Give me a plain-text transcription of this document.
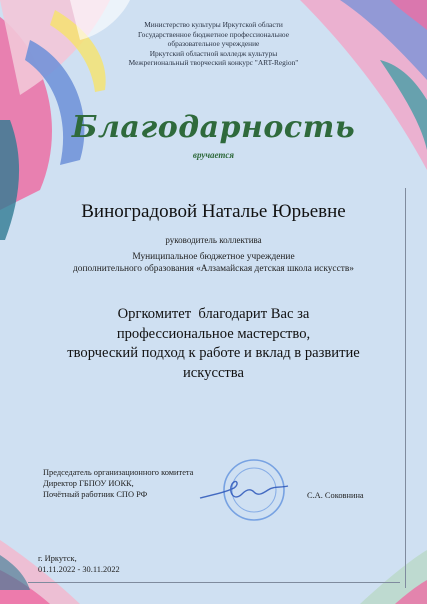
Министерство культуры Иркутской области
Государственное бюджетное профессиональное
образовательное учреждение
Иркутский областной колледж культуры
Межрегиональный творческий конкурс "ART-Region"
Благодарность
вручается
Виноградовой Наталье Юрьевне
руководитель коллектива
Муниципальное бюджетное учреждение
дополнительного образования «Алзамайская детская школа искусств»
Оргкомитет  благодарит Вас за
профессиональное мастерство,
творческий подход к работе и вклад в развитие
искусства
Председатель организационного комитета
Директор ГБПОУ ИОКК,
Почётный работник СПО РФ	С.А. Соковнина
г. Иркутск,
01.11.2022 - 30.11.2022
